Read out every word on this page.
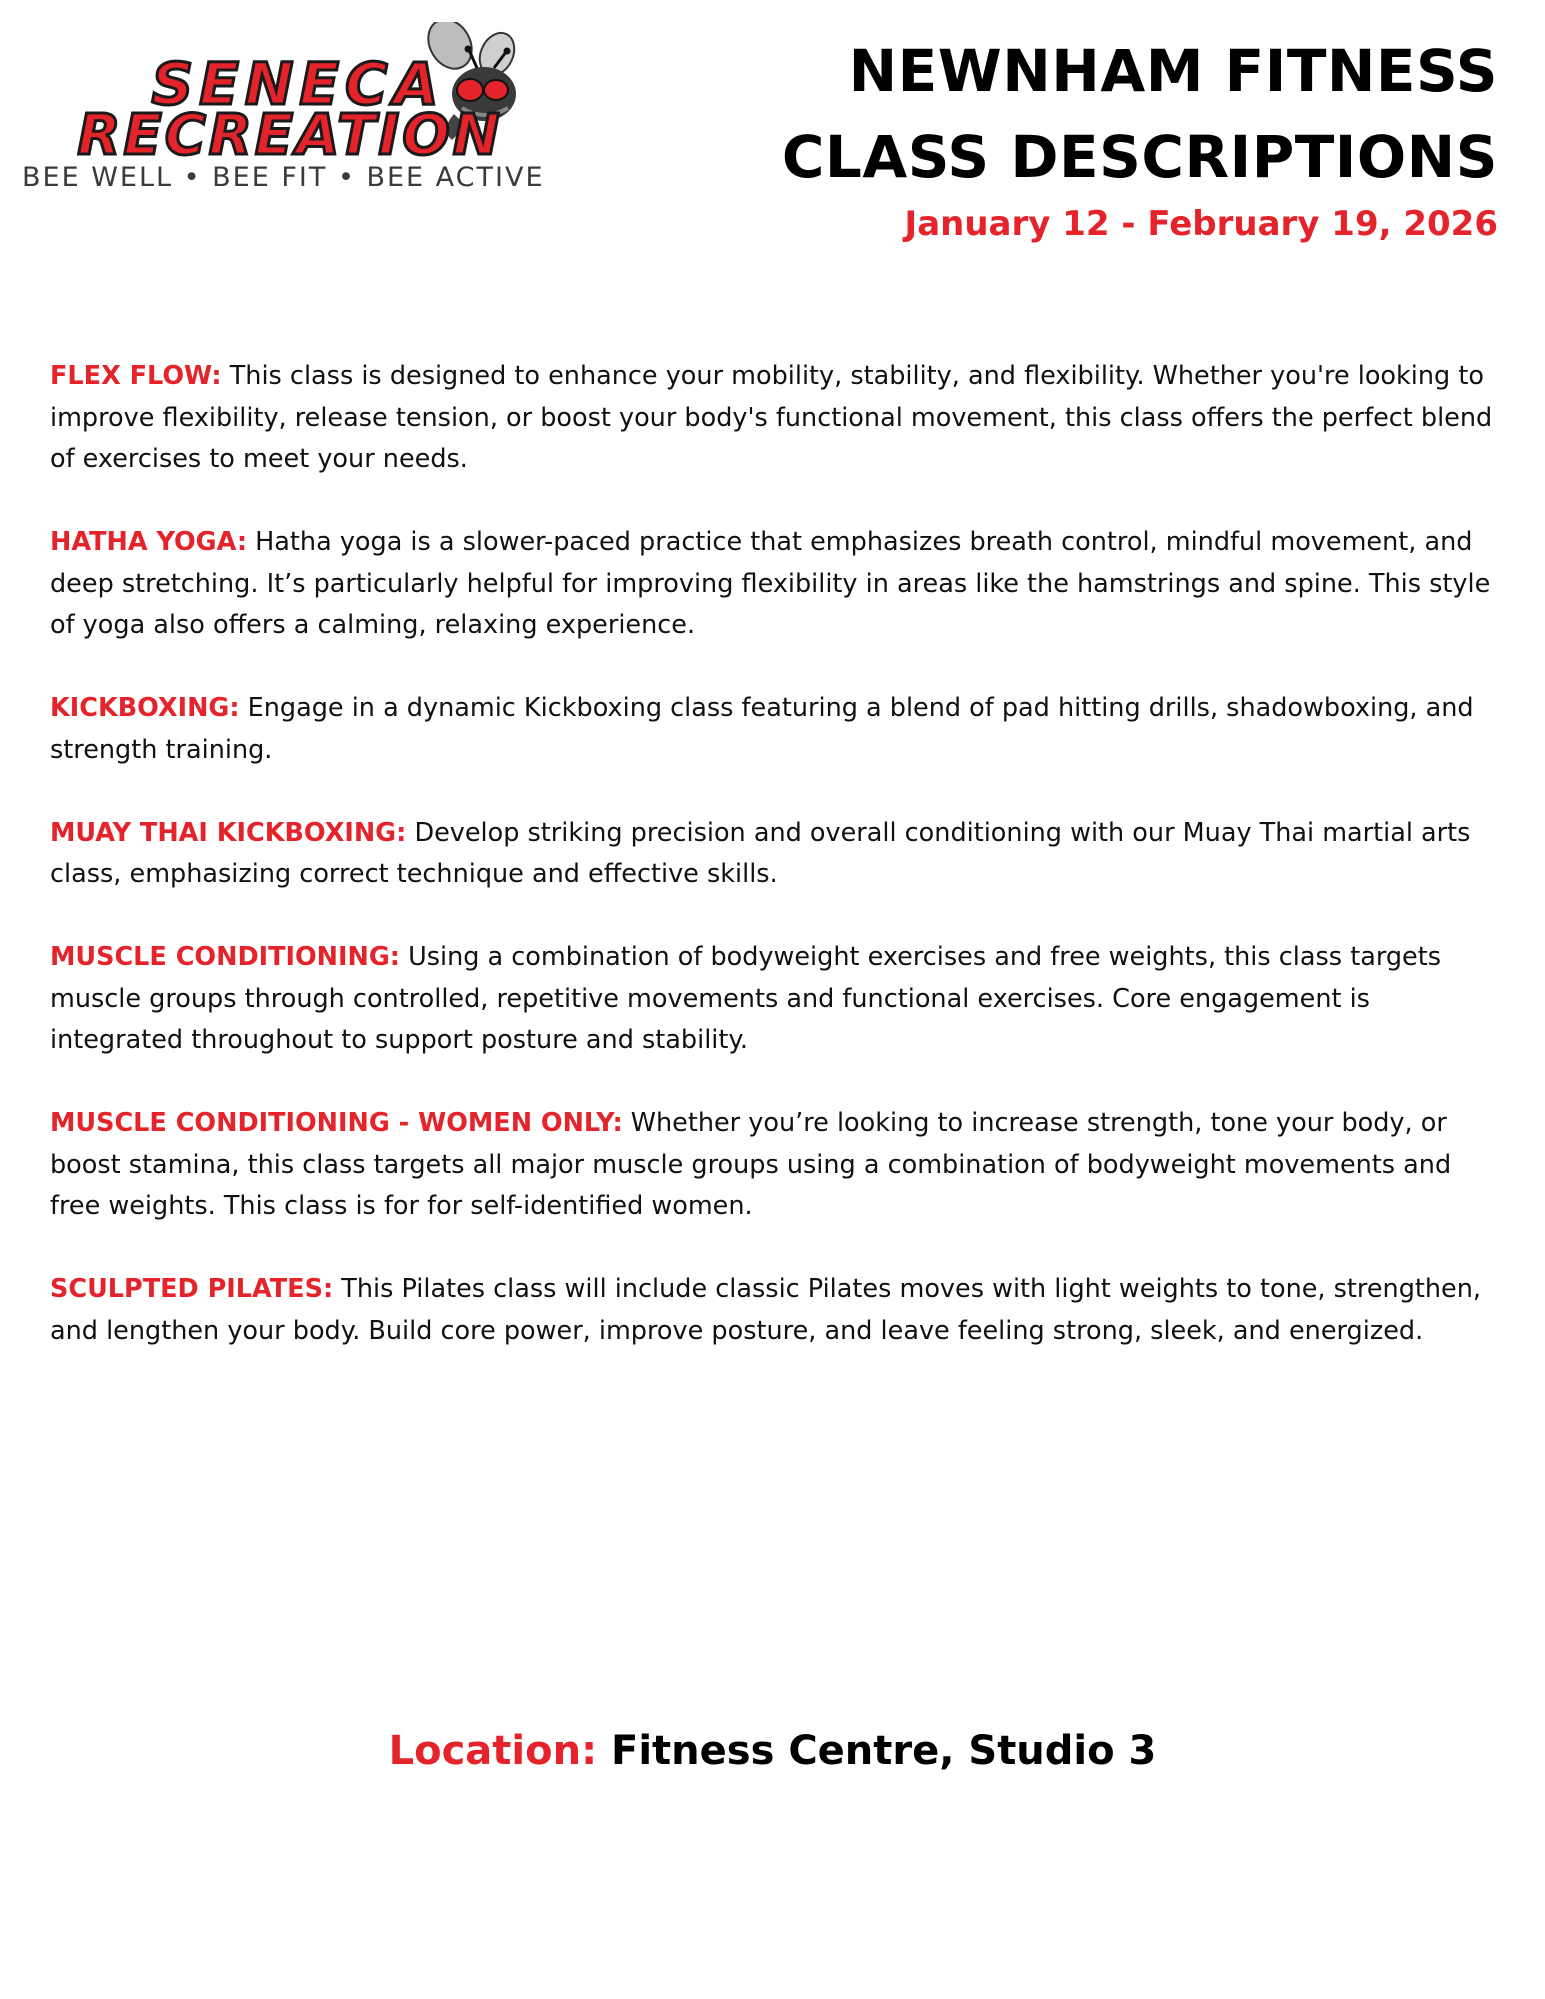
SENECA
RECREATION
BEE WELL • BEE FIT • BEE ACTIVE
NEWNHAM FITNESS
CLASS DESCRIPTIONS
January 12 - February 19, 2026

FLEX FLOW: This class is designed to enhance your mobility, stability, and flexibility. Whether you're looking to improve flexibility, release tension, or boost your body's functional movement, this class offers the perfect blend of exercises to meet your needs.

HATHA YOGA: Hatha yoga is a slower-paced practice that emphasizes breath control, mindful movement, and deep stretching. It’s particularly helpful for improving flexibility in areas like the hamstrings and spine. This style of yoga also offers a calming, relaxing experience.

KICKBOXING: Engage in a dynamic Kickboxing class featuring a blend of pad hitting drills, shadowboxing, and strength training.

MUAY THAI KICKBOXING: Develop striking precision and overall conditioning with our Muay Thai martial arts class, emphasizing correct technique and effective skills.

MUSCLE CONDITIONING: Using a combination of bodyweight exercises and free weights, this class targets muscle groups through controlled, repetitive movements and functional exercises. Core engagement is integrated throughout to support posture and stability.

MUSCLE CONDITIONING - WOMEN ONLY: Whether you’re looking to increase strength, tone your body, or boost stamina, this class targets all major muscle groups using a combination of bodyweight movements and free weights. This class is for for self-identified women.

SCULPTED PILATES: This Pilates class will include classic Pilates moves with light weights to tone, strengthen, and lengthen your body. Build core power, improve posture, and leave feeling strong, sleek, and energized.

Location: Fitness Centre, Studio 3
